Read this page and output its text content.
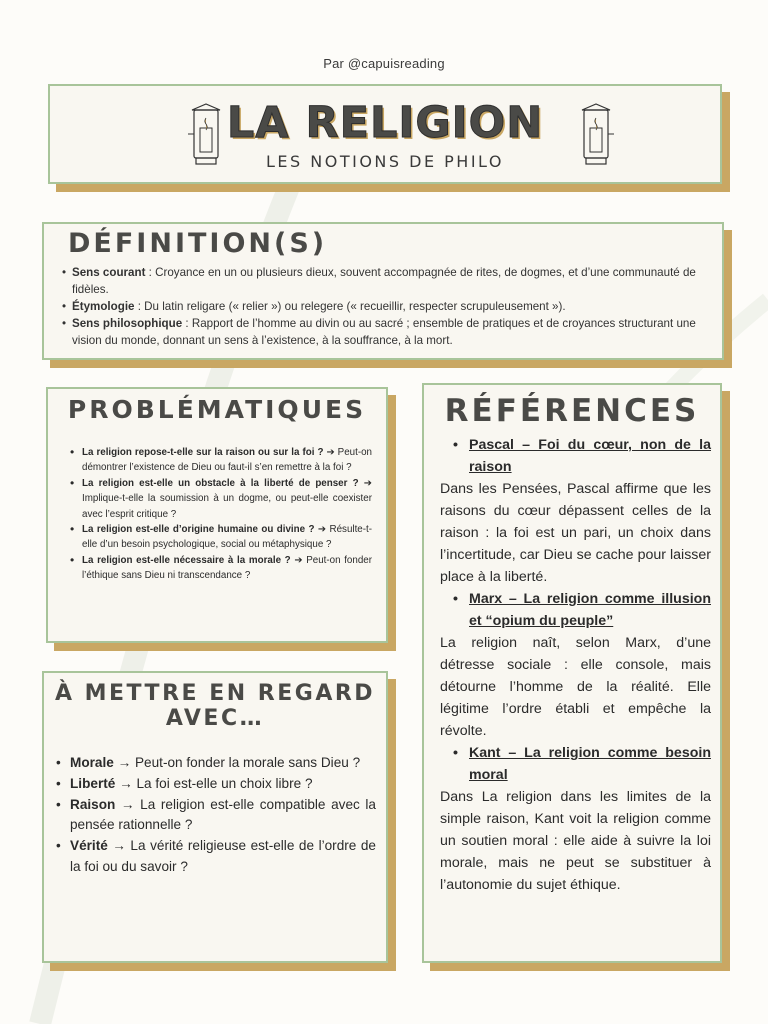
Par @capuisreading
LA RELIGION
LES NOTIONS DE PHILO
DÉFINITION(S)
• Sens courant : Croyance en un ou plusieurs dieux, souvent accompagnée de rites, de dogmes, et d’une communauté de fidèles.
• Étymologie : Du latin religare (« relier ») ou relegere (« recueillir, respecter scrupuleusement »).
• Sens philosophique : Rapport de l’homme au divin ou au sacré ; ensemble de pratiques et de croyances structurant une vision du monde, donnant un sens à l’existence, à la souffrance, à la mort.
PROBLÉMATIQUES
• La religion repose-t-elle sur la raison ou sur la foi ? ➔ Peut-on démontrer l’existence de Dieu ou faut-il s’en remettre à la foi ?
• La religion est-elle un obstacle à la liberté de penser ? ➔ Implique-t-elle la soumission à un dogme, ou peut-elle coexister avec l’esprit critique ?
• La religion est-elle d’origine humaine ou divine ? ➔ Résulte-t-elle d’un besoin psychologique, social ou métaphysique ?
• La religion est-elle nécessaire à la morale ? ➔ Peut-on fonder l’éthique sans Dieu ni transcendance ?
À METTRE EN REGARD AVEC…
• Morale → Peut-on fonder la morale sans Dieu ?
• Liberté → La foi est-elle un choix libre ?
• Raison → La religion est-elle compatible avec la pensée rationnelle ?
• Vérité → La vérité religieuse est-elle de l’ordre de la foi ou du savoir ?
RÉFÉRENCES
• Pascal – Foi du cœur, non de la raison

Dans les Pensées, Pascal affirme que les raisons du cœur dépassent celles de la raison : la foi est un pari, un choix dans l’incertitude, car Dieu se cache pour laisser place à la liberté.

• Marx – La religion comme illusion et “opium du peuple”

La religion naît, selon Marx, d’une détresse sociale : elle console, mais détourne l’homme de la réalité. Elle légitime l’ordre établi et empêche la révolte.

• Kant – La religion comme besoin moral

Dans La religion dans les limites de la simple raison, Kant voit la religion comme un soutien moral : elle aide à suivre la loi morale, mais ne peut se substituer à l’autonomie du sujet éthique.
